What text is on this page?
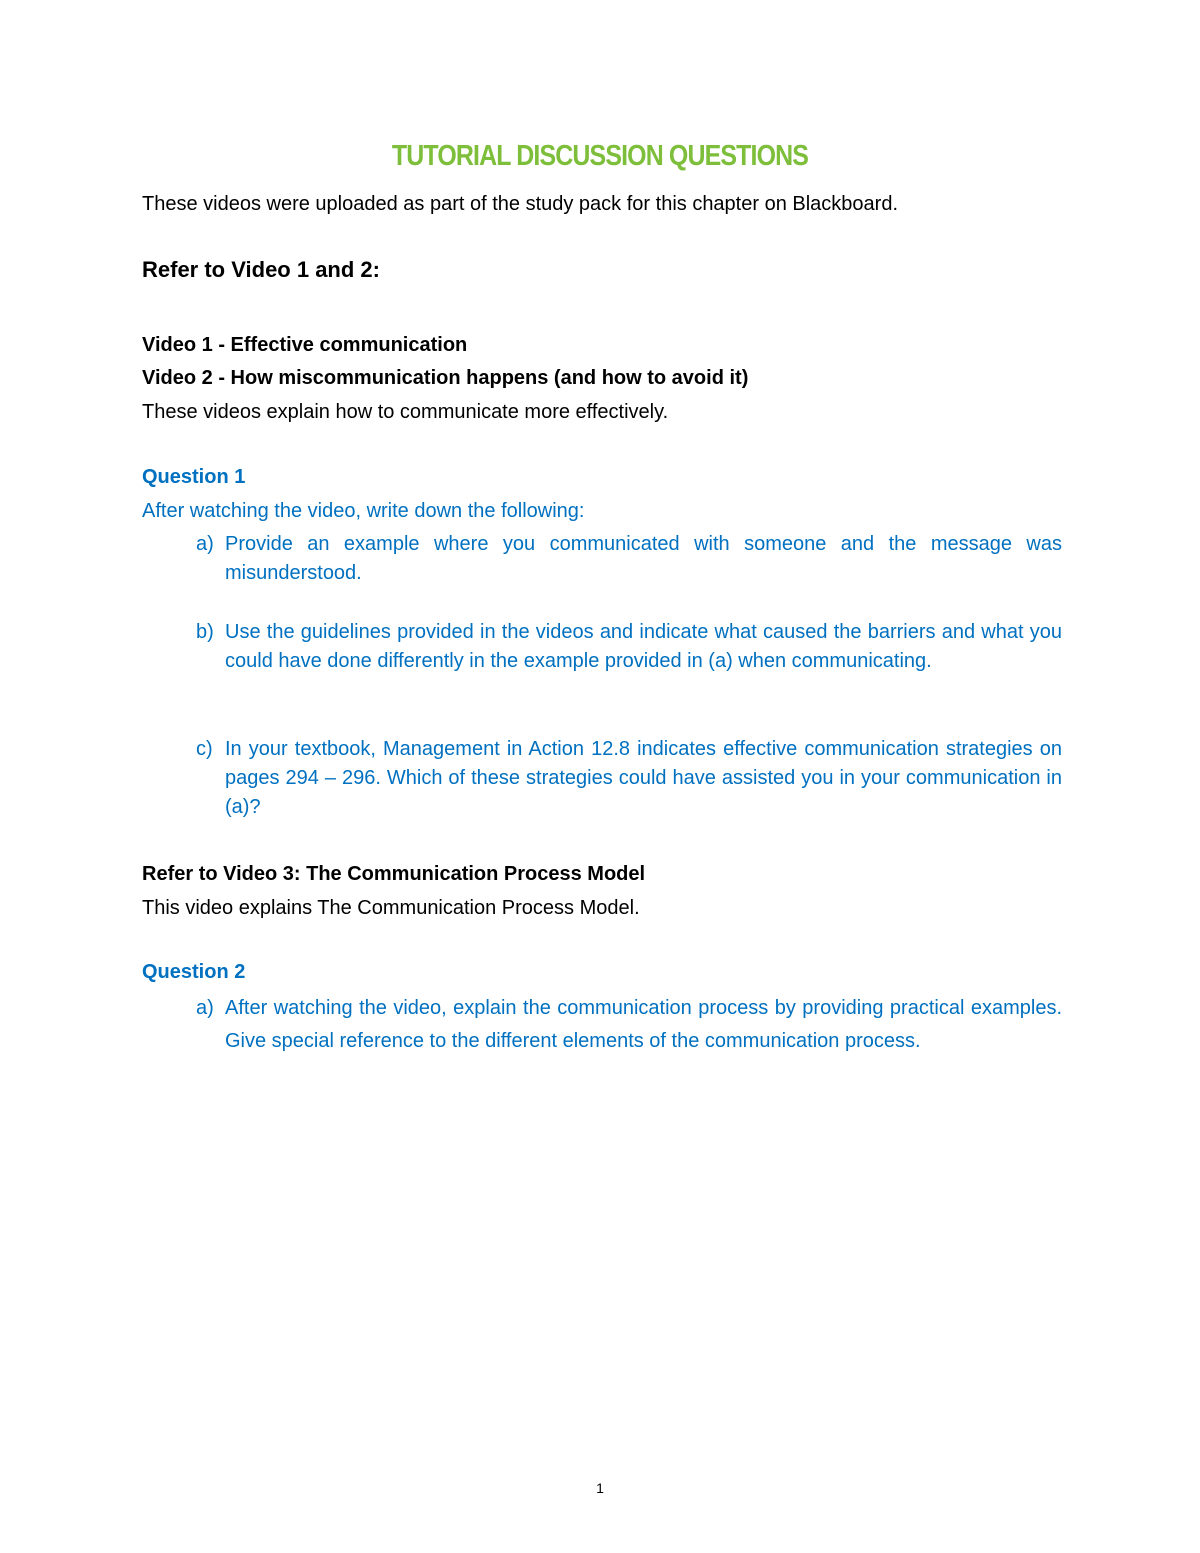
TUTORIAL DISCUSSION QUESTIONS
These videos were uploaded as part of the study pack for this chapter on Blackboard.
Refer to Video 1 and 2:
Video 1 - Effective communication
Video 2 - How miscommunication happens (and how to avoid it)
These videos explain how to communicate more effectively.
Question 1
After watching the video, write down the following:
a) Provide an example where you communicated with someone and the message was misunderstood.
b) Use the guidelines provided in the videos and indicate what caused the barriers and what you could have done differently in the example provided in (a) when communicating.
c) In your textbook, Management in Action 12.8 indicates effective communication strategies on pages 294 – 296. Which of these strategies could have assisted you in your communication in (a)?
Refer to Video 3: The Communication Process Model
This video explains The Communication Process Model.
Question 2
a) After watching the video, explain the communication process by providing practical examples. Give special reference to the different elements of the communication process.
1
